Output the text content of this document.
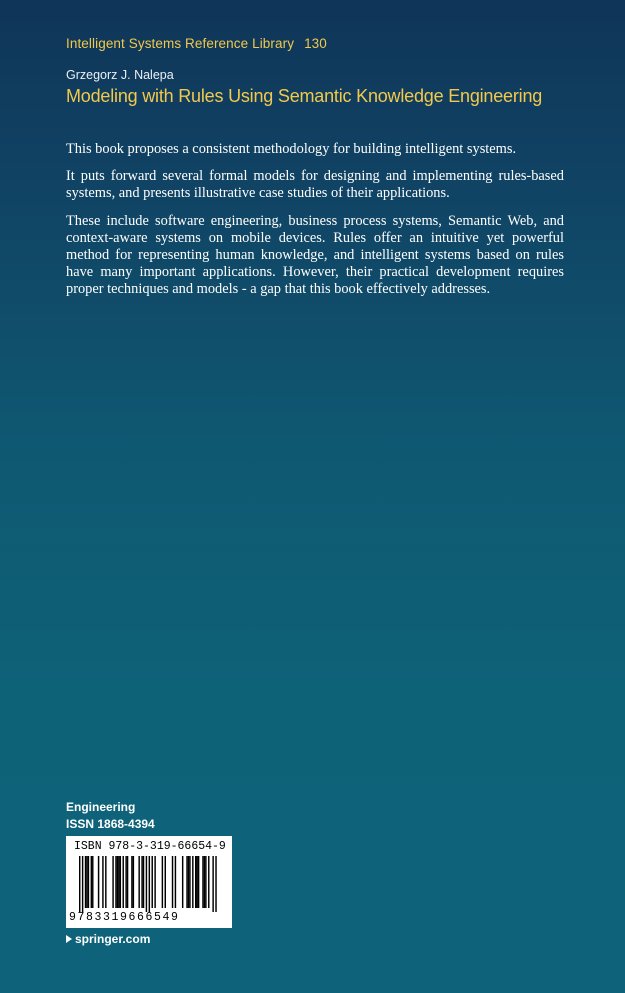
Intelligent Systems Reference Library 130
Grzegorz J. Nalepa
Modeling with Rules Using Semantic Knowledge Engineering

This book proposes a consistent methodology for building intelligent systems.

It puts forward several formal models for designing and implementing rules-based systems, and presents illustrative case studies of their applications.

These include software engineering, business process systems, Semantic Web, and context-aware systems on mobile devices. Rules offer an intuitive yet powerful method for representing human knowledge, and intelligent systems based on rules have many important applications. However, their practical development requires proper techniques and models - a gap that this book effectively addresses.

Engineering
ISSN 1868-4394
ISBN 978-3-319-66654-9
9783319666549
springer.com
